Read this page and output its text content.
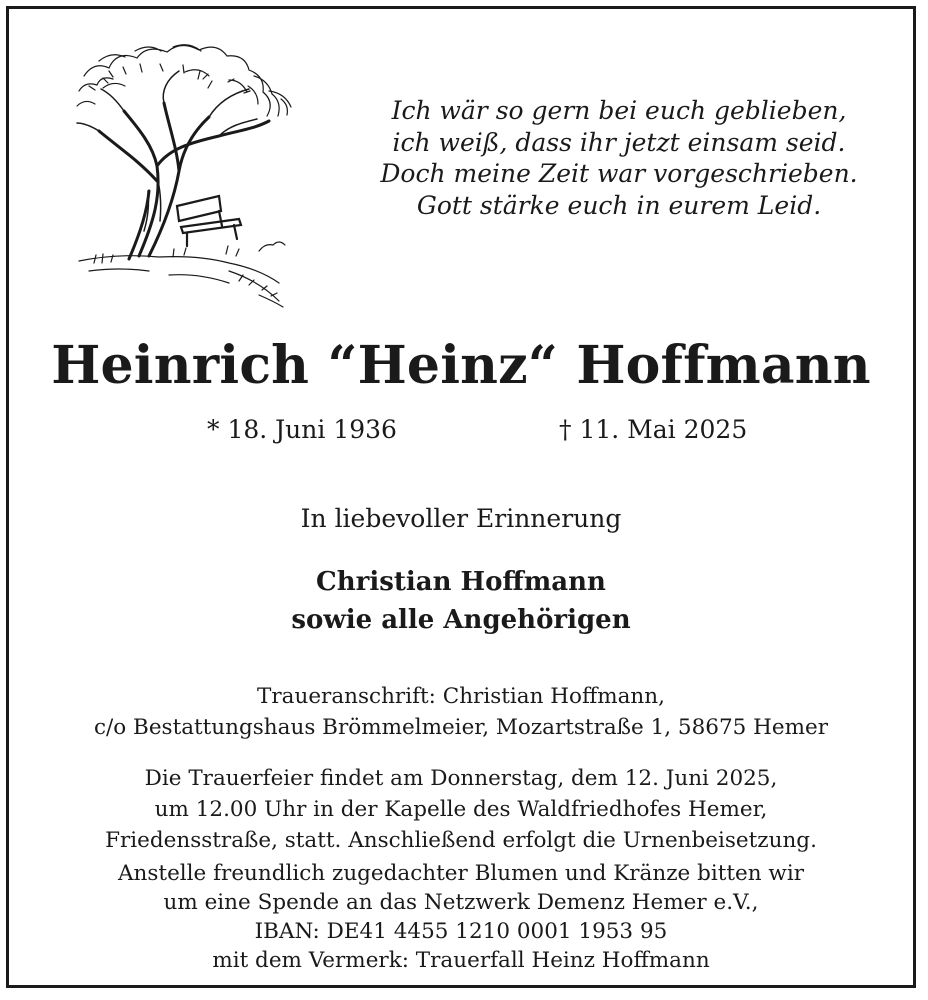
Ich wär so gern bei euch geblieben,
ich weiß, dass ihr jetzt einsam seid.
Doch meine Zeit war vorgeschrieben.
Gott stärke euch in eurem Leid.
Heinrich “Heinz“ Hoffmann
* 18. Juni 1936	† 11. Mai 2025
In liebevoller Erinnerung
Christian Hoffmann
sowie alle Angehörigen
Traueranschrift: Christian Hoffmann,
c/o Bestattungshaus Brömmelmeier, Mozartstraße 1, 58675 Hemer
Die Trauerfeier findet am Donnerstag, dem 12. Juni 2025,
um 12.00 Uhr in der Kapelle des Waldfriedhofes Hemer,
Friedensstraße, statt. Anschließend erfolgt die Urnenbeisetzung.
Anstelle freundlich zugedachter Blumen und Kränze bitten wir
um eine Spende an das Netzwerk Demenz Hemer e.V.,
IBAN: DE41 4455 1210 0001 1953 95
mit dem Vermerk: Trauerfall Heinz Hoffmann
